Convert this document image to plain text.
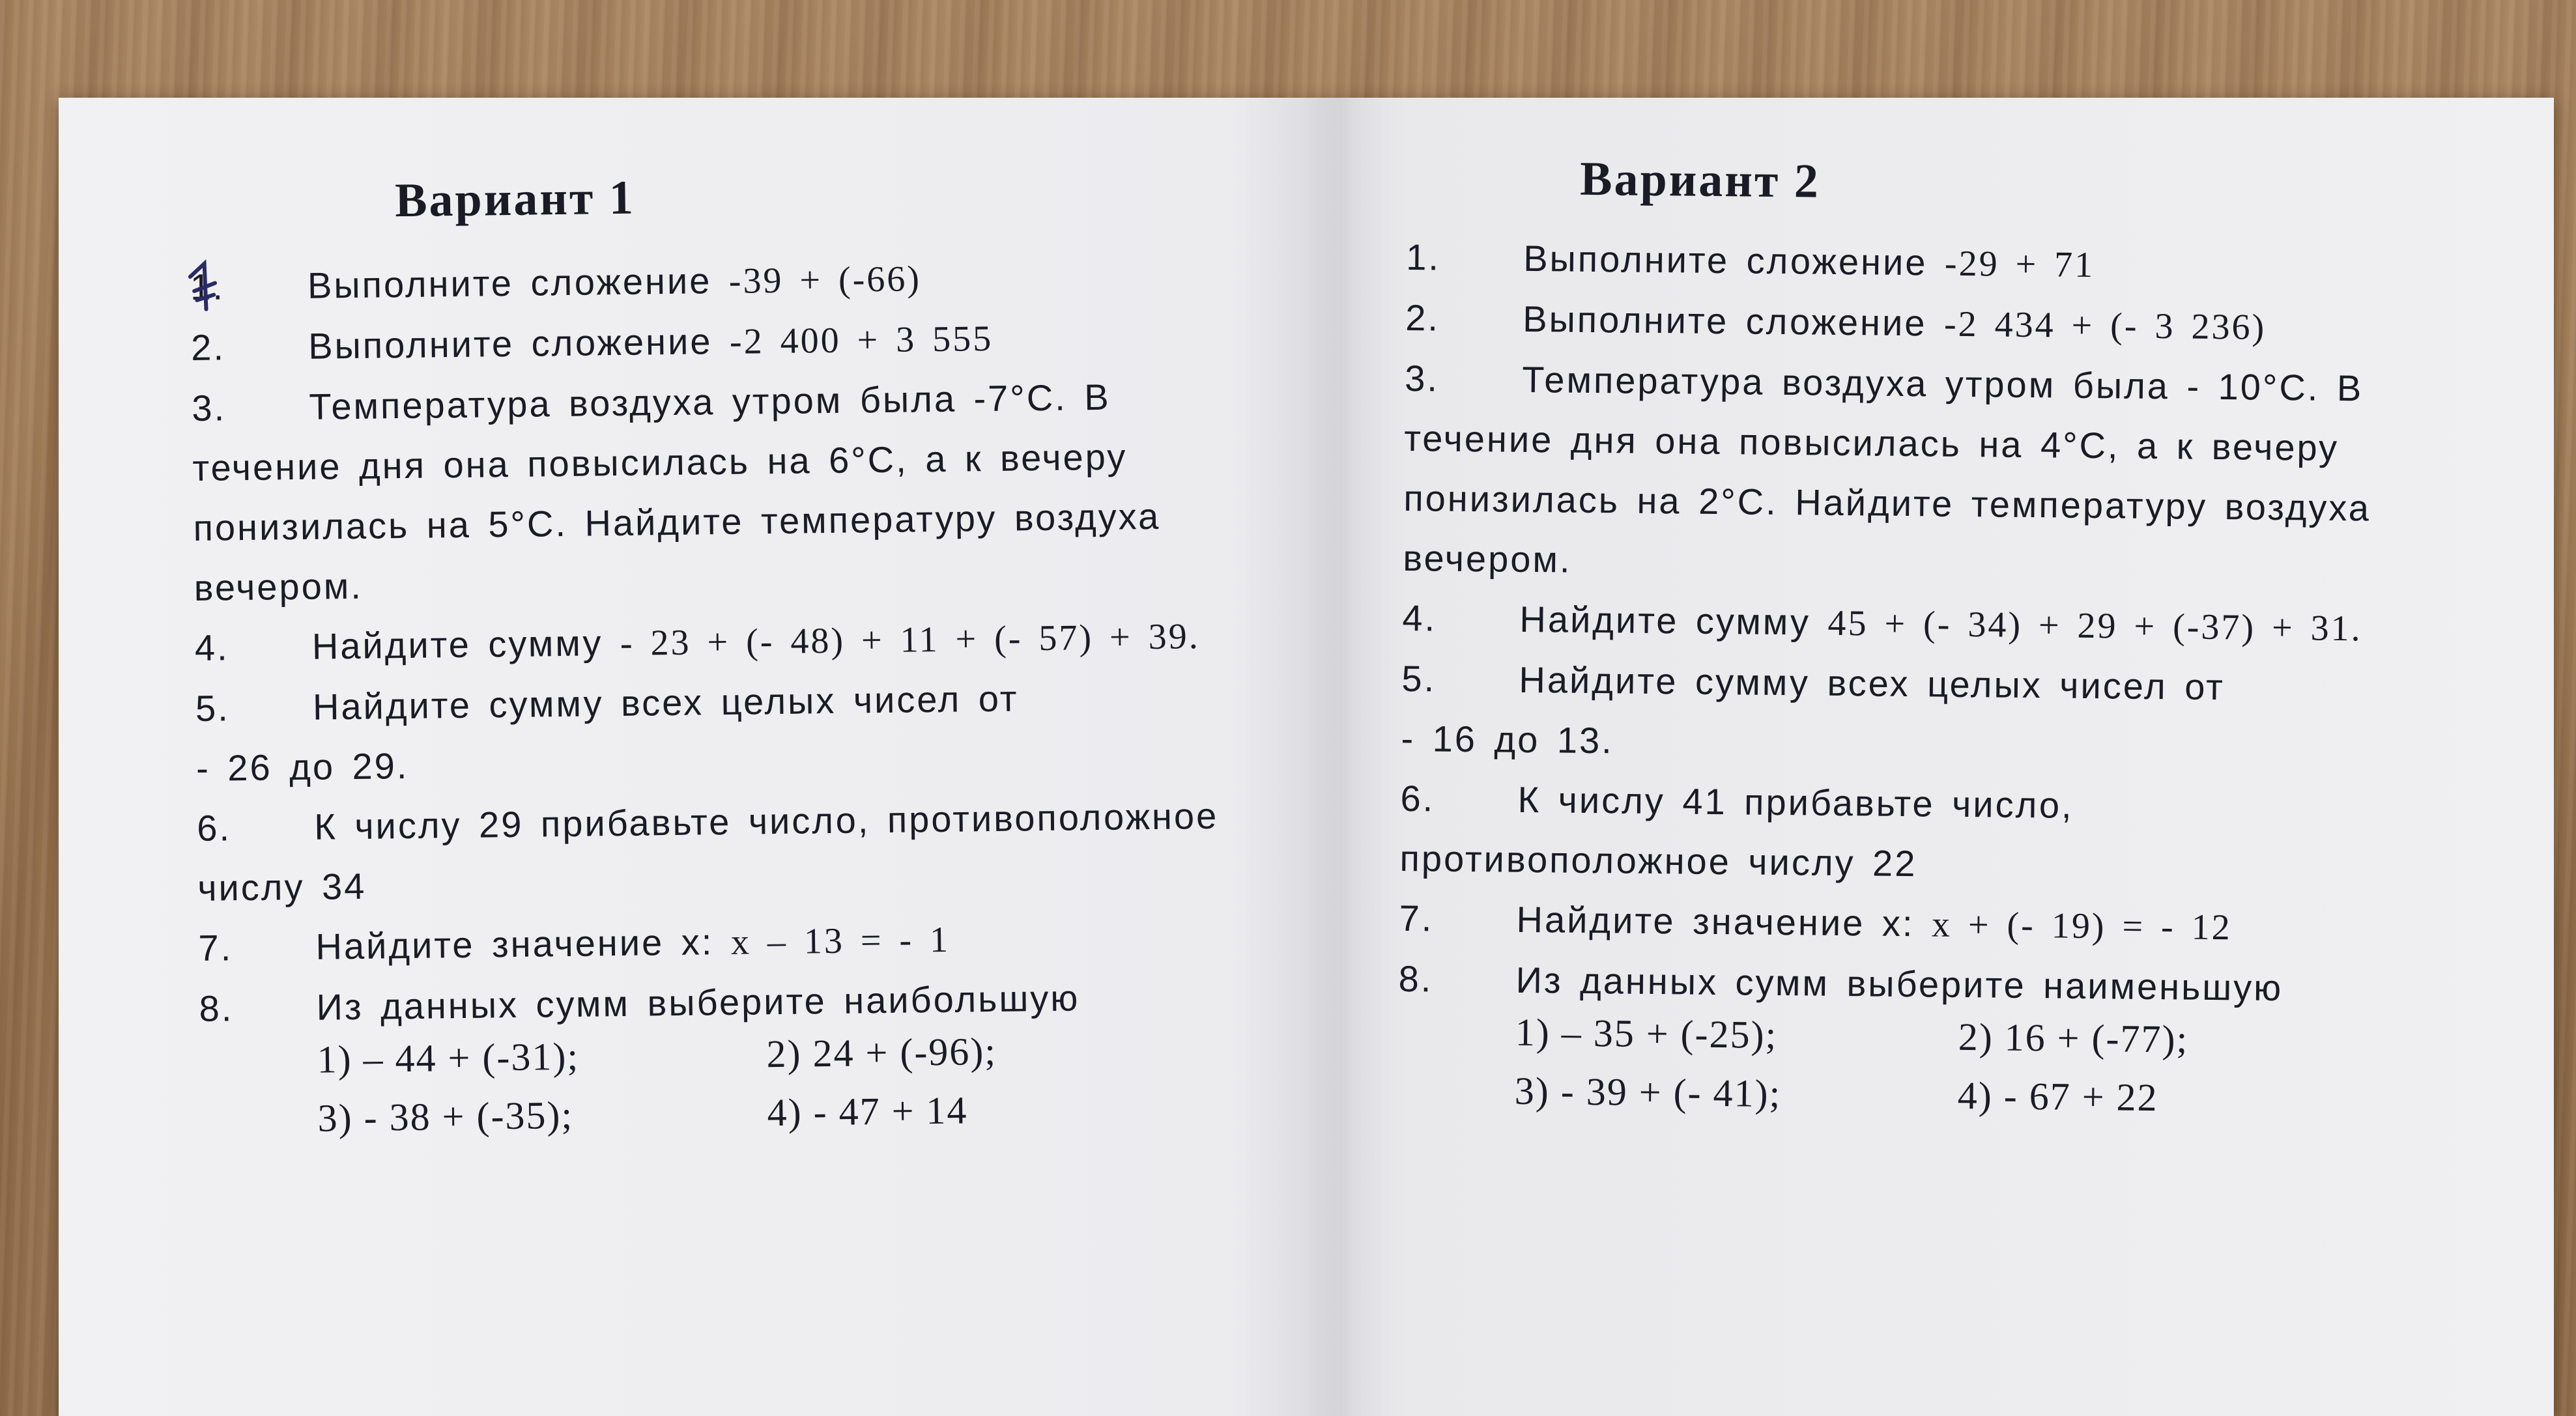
Вариант 1
1. Выполните сложение -39 + (-66)
2. Выполните сложение -2 400 + 3 555
3. Температура воздуха утром была -7°С. В
течение дня она повысилась на 6°С, а к вечеру
понизилась на 5°С. Найдите температуру воздуха
вечером.
4. Найдите сумму - 23 + (- 48) + 11 + (- 57) + 39.
5. Найдите сумму всех целых чисел от
- 26 до 29.
6. К числу 29 прибавьте число, противоположное
числу 34
7. Найдите значение x: x – 13 = - 1
8. Из данных сумм выберите наибольшую
1) – 44 + (-31);	2) 24 + (-96);
3) - 38 + (-35);	4) - 47 + 14
Вариант 2
1. Выполните сложение -29 + 71
2. Выполните сложение -2 434 + (- 3 236)
3. Температура воздуха утром была - 10°С. В
течение дня она повысилась на 4°С, а к вечеру
понизилась на 2°С. Найдите температуру воздуха
вечером.
4. Найдите сумму 45 + (- 34) + 29 + (-37) + 31.
5. Найдите сумму всех целых чисел от
- 16 до 13.
6. К числу 41 прибавьте число,
противоположное числу 22
7. Найдите значение x: x + (- 19) = - 12
8. Из данных сумм выберите наименьшую
1) – 35 + (-25);	2) 16 + (-77);
3) - 39 + (- 41);	4) - 67 + 22
